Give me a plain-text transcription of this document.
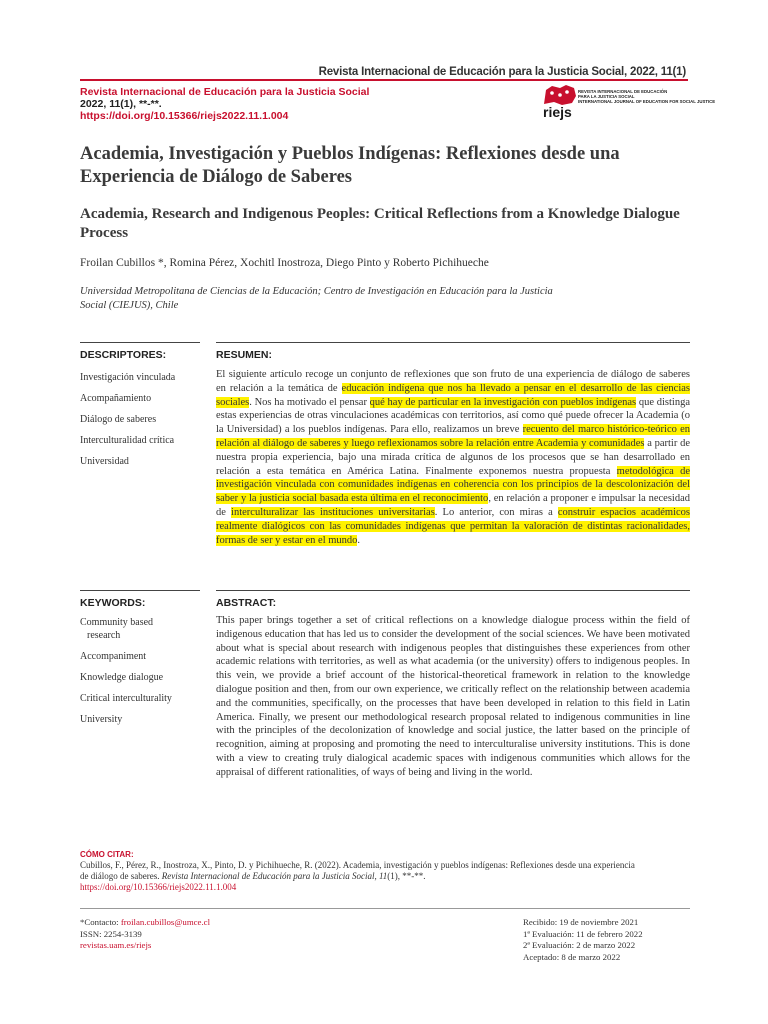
Revista Internacional de Educación para la Justicia Social, 2022, 11(1)
Revista Internacional de Educación para la Justicia Social
2022, 11(1), **-**.
https://doi.org/10.15366/riejs2022.11.1.004
REVISTA INTERNACIONAL DE EDUCACIÓN
PARA LA JUSTICIA SOCIAL
INTERNATIONAL JOURNAL OF EDUCATION FOR SOCIAL JUSTICE
riejs
Academia, Investigación y Pueblos Indígenas: Reflexiones desde una Experiencia de Diálogo de Saberes
Academia, Research and Indigenous Peoples: Critical Reflections from a Knowledge Dialogue Process
Froilan Cubillos *, Romina Pérez, Xochitl Inostroza, Diego Pinto y Roberto Pichihueche
Universidad Metropolitana de Ciencias de la Educación; Centro de Investigación en Educación para la Justicia Social (CIEJUS), Chile
DESCRIPTORES:	RESUMEN:
Investigación vinculada
Acompañamiento
Diálogo de saberes
Interculturalidad crítica
Universidad
El siguiente artículo recoge un conjunto de reflexiones que son fruto de una experiencia de diálogo de saberes en relación a la temática de educación indígena que nos ha llevado a pensar en el desarrollo de las ciencias sociales. Nos ha motivado el pensar qué hay de particular en la investigación con pueblos indígenas que distinga estas experiencias de otras vinculaciones académicas con territorios, así como qué puede ofrecer la Academia (o la Universidad) a los pueblos indígenas. Para ello, realizamos un breve recuento del marco histórico-teórico en relación al diálogo de saberes y luego reflexionamos sobre la relación entre Academia y comunidades a partir de nuestra propia experiencia, bajo una mirada crítica de algunos de los procesos que se han desarrollado en relación a esta temática en América Latina. Finalmente exponemos nuestra propuesta metodológica de investigación vinculada con comunidades indígenas en coherencia con los principios de la descolonización del saber y la justicia social basada esta última en el reconocimiento, en relación a proponer e impulsar la necesidad de interculturalizar las instituciones universitarias. Lo anterior, con miras a construir espacios académicos realmente dialógicos con las comunidades indígenas que permitan la valoración de distintas racionalidades, formas de ser y estar en el mundo.
KEYWORDS:	ABSTRACT:
Community based research
Accompaniment
Knowledge dialogue
Critical interculturality
University
This paper brings together a set of critical reflections on a knowledge dialogue process within the field of indigenous education that has led us to consider the development of the social sciences. We have been motivated about what is special about research with indigenous peoples that distinguishes these experiences from other academic relations with territories, as well as what academia (or the university) offers to indigenous peoples. In this vein, we provide a brief account of the historical-theoretical framework in relation to the knowledge dialogue position and then, from our own experience, we critically reflect on the relationship between academia and the communities, specifically, on the processes that have been developed in relation to this field in Latin America. Finally, we present our methodological research proposal related to indigenous communities in line with the principles of the decolonization of knowledge and social justice, the latter based on the principle of recognition, aiming at proposing and promoting the need to interculturalise university institutions. This is done with a view to creating truly dialogical academic spaces with indigenous communities which allows for the appraisal of different rationalities, of ways of being and living in the world.
CÓMO CITAR:
Cubillos, F., Pérez, R., Inostroza, X., Pinto, D. y Pichihueche, R. (2022). Academia, investigación y pueblos indígenas: Reflexiones desde una experiencia de diálogo de saberes. Revista Internacional de Educación para la Justicia Social, 11(1), **-**.
https://doi.org/10.15366/riejs2022.11.1.004
*Contacto: froilan.cubillos@umce.cl
ISSN: 2254-3139
revistas.uam.es/riejs
Recibido: 19 de noviembre 2021
1ª Evaluación: 11 de febrero 2022
2ª Evaluación: 2 de marzo 2022
Aceptado: 8 de marzo 2022
